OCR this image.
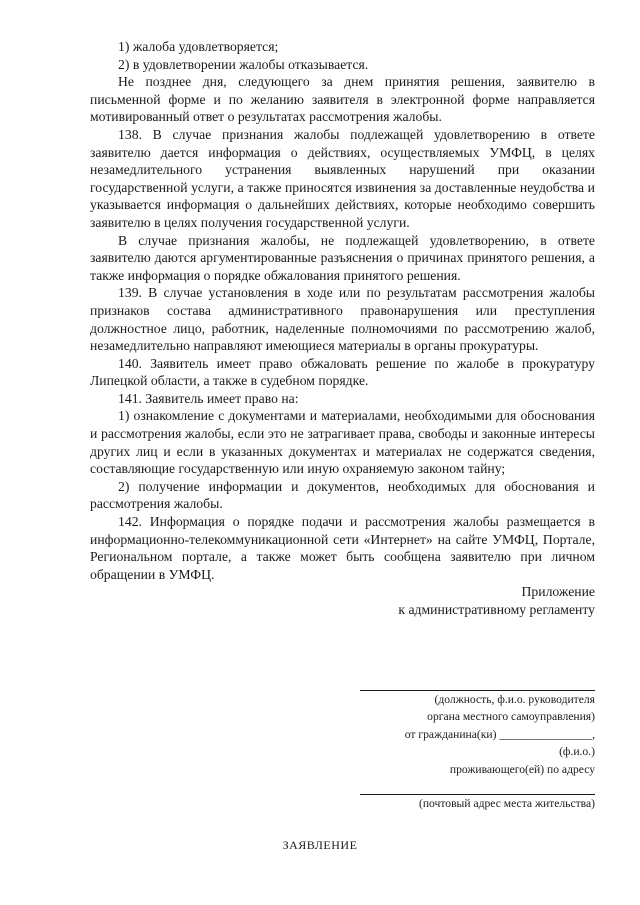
1) жалоба удовлетворяется;

2) в удовлетворении жалобы отказывается.

Не позднее дня, следующего за днем принятия решения, заявителю в письменной форме и по желанию заявителя в электронной форме направляется мотивированный ответ о результатах рассмотрения жалобы.

138. В случае признания жалобы подлежащей удовлетворению в ответе заявителю дается информация о действиях, осуществляемых УМФЦ, в целях незамедлительного устранения выявленных нарушений при оказании государственной услуги, а также приносятся извинения за доставленные неудобства и указывается информация о дальнейших действиях, которые необходимо совершить заявителю в целях получения государственной услуги.

В случае признания жалобы, не подлежащей удовлетворению, в ответе заявителю даются аргументированные разъяснения о причинах принятого решения, а также информация о порядке обжалования принятого решения.

139. В случае установления в ходе или по результатам рассмотрения жалобы признаков состава административного правонарушения или преступления должностное лицо, работник, наделенные полномочиями по рассмотрению жалоб, незамедлительно направляют имеющиеся материалы в органы прокуратуры.

140. Заявитель имеет право обжаловать решение по жалобе в прокуратуру Липецкой области, а также в судебном порядке.

141. Заявитель имеет право на:

1) ознакомление с документами и материалами, необходимыми для обоснования и рассмотрения жалобы, если это не затрагивает права, свободы и законные интересы других лиц и если в указанных документах и материалах не содержатся сведения, составляющие государственную или иную охраняемую законом тайну;

2) получение информации и документов, необходимых для обоснования и рассмотрения жалобы.

142. Информация о порядке подачи и рассмотрения жалобы размещается в информационно-телекоммуникационной сети «Интернет» на сайте УМФЦ, Портале, Региональном портале, а также может быть сообщена заявителю при личном обращении в УМФЦ.

Приложение

к административному регламенту

(должность, ф.и.о. руководителя

органа местного самоуправления)

от гражданина(ки) ________________,

(ф.и.о.)

проживающего(ей) по адресу

(почтовый адрес места жительства)

ЗАЯВЛЕНИЕ
